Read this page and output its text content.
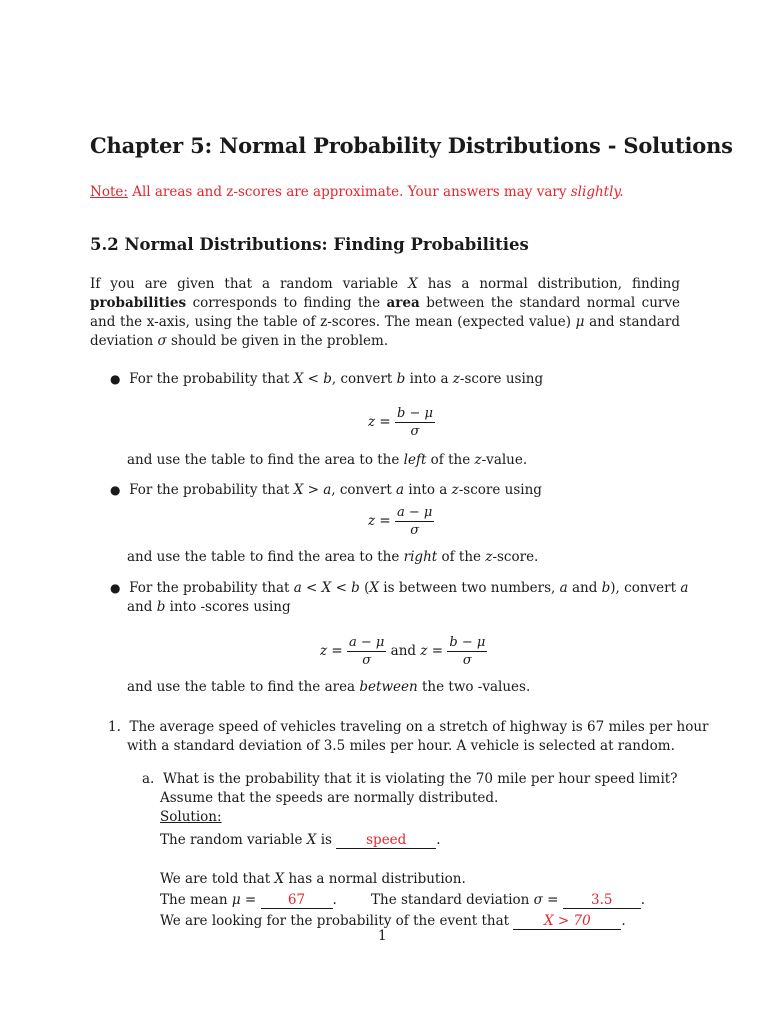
Chapter 5: Normal Probability Distributions - Solutions
Note: All areas and z-scores are approximate. Your answers may vary slightly.
5.2 Normal Distributions: Finding Probabilities
If you are given that a random variable X has a normal distribution, finding probabilities corresponds to finding the area between the standard normal curve and the x-axis, using the table of z-scores. The mean (expected value) μ and standard deviation σ should be given in the problem.
● For the probability that X < b, convert b into a z-score using
$z = \frac{b - \mu}{\sigma}$
and use the table to find the area to the left of the z-value.
● For the probability that X > a, convert a into a z-score using
$z = \frac{a - \mu}{\sigma}$
and use the table to find the area to the right of the z-score.
● For the probability that a < X < b (X is between two numbers, a and b), convert a
and b into -scores using
$z = \frac{a - \mu}{\sigma}$ and $z = \frac{b - \mu}{\sigma}$
and use the table to find the area between the two -values.
1. The average speed of vehicles traveling on a stretch of highway is 67 miles per hour
with a standard deviation of 3.5 miles per hour. A vehicle is selected at random.
a. What is the probability that it is violating the 70 mile per hour speed limit?
Assume that the speeds are normally distributed.
Solution:
The random variable X is speed .
We are told that X has a normal distribution.
The mean μ = 67 .	The standard deviation σ = 3.5 .
We are looking for the probability of the event that X > 70 .
1
